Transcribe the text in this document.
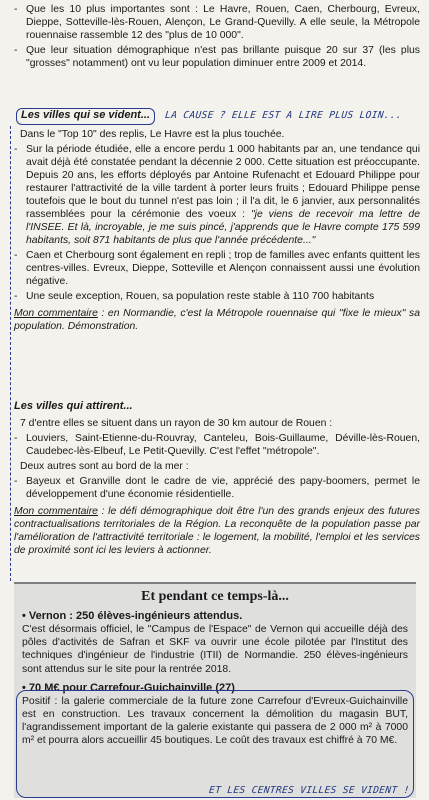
- Que les 10 plus importantes sont : Le Havre, Rouen, Caen, Cherbourg, Evreux, Dieppe, Sotteville-lès-Rouen, Alençon, Le Grand-Quevilly. A elle seule, la Métropole rouennaise rassemble 12 des "plus de 10 000".
- Que leur situation démographique n'est pas brillante puisque 20 sur 37 (les plus "grosses" notamment) ont vu leur population diminuer entre 2009 et 2014.
Les villes qui se vident...	LA CAUSE ? ELLE EST A LIRE PLUS LOIN...

Dans le "Top 10" des replis, Le Havre est la plus touchée.

- Sur la période étudiée, elle a encore perdu 1 000 habitants par an, une tendance qui avait déjà été constatée pendant la décennie 2 000. Cette situation est préoccupante. Depuis 20 ans, les efforts déployés par Antoine Rufenacht et Edouard Philippe pour restaurer l'attractivité de la ville tardent à porter leurs fruits ; Edouard Philippe pense toutefois que le bout du tunnel n'est pas loin ; il l'a dit, le 6 janvier, aux personnalités rassemblées pour la cérémonie des voeux : "je viens de recevoir ma lettre de l'INSEE. Et là, incroyable, je me suis pincé, j'apprends que le Havre compte 175 599 habitants, soit 871 habitants de plus que l'année précédente..."
- Caen et Cherbourg sont également en repli ; trop de familles avec enfants quittent les centres-villes. Evreux, Dieppe, Sotteville et Alençon connaissent aussi une évolution négative.
- Une seule exception, Rouen, sa population reste stable à 110 700 habitants

Mon commentaire : en Normandie, c'est la Métropole rouennaise qui "fixe le mieux" sa population. Démonstration.

Les villes qui attirent...

7 d'entre elles se situent dans un rayon de 30 km autour de Rouen :

- Louviers, Saint-Etienne-du-Rouvray, Canteleu, Bois-Guillaume, Déville-lès-Rouen, Caudebec-lès-Elbeuf, Le Petit-Quevilly. C'est l'effet "métropole".

Deux autres sont au bord de la mer :

- Bayeux et Granville dont le cadre de vie, apprécié des papy-boomers, permet le développement d'une économie résidentielle.

Mon commentaire : le défi démographique doit être l'un des grands enjeux des futures contractualisations territoriales de la Région. La reconquête de la population passe par l'amélioration de l'attractivité territoriale : le logement, la mobilité, l'emploi et les services de proximité sont ici les leviers à actionner.

Et pendant ce temps-là...

• Vernon : 250 élèves-ingénieurs attendus.

C'est désormais officiel, le "Campus de l'Espace" de Vernon qui accueille déjà des pôles d'activités de Safran et SKF va ouvrir une école pilotée par l'Institut des techniques d'ingénieur de l'industrie (ITII) de Normandie. 250 élèves-ingénieurs sont attendus sur le site pour la rentrée 2018.

• 70 M€ pour Carrefour-Guichainville (27)

Positif : la galerie commerciale de la future zone Carrefour d'Evreux-Guichainville est en construction. Les travaux concernent la démolition du magasin BUT, l'agrandissement important de la galerie existante qui passera de 2 000 m² à 7000 m² et pourra alors accueillir 45 boutiques. Le coût des travaux est chiffré à 70 M€.

ET LES CENTRES VILLES SE VIDENT !
